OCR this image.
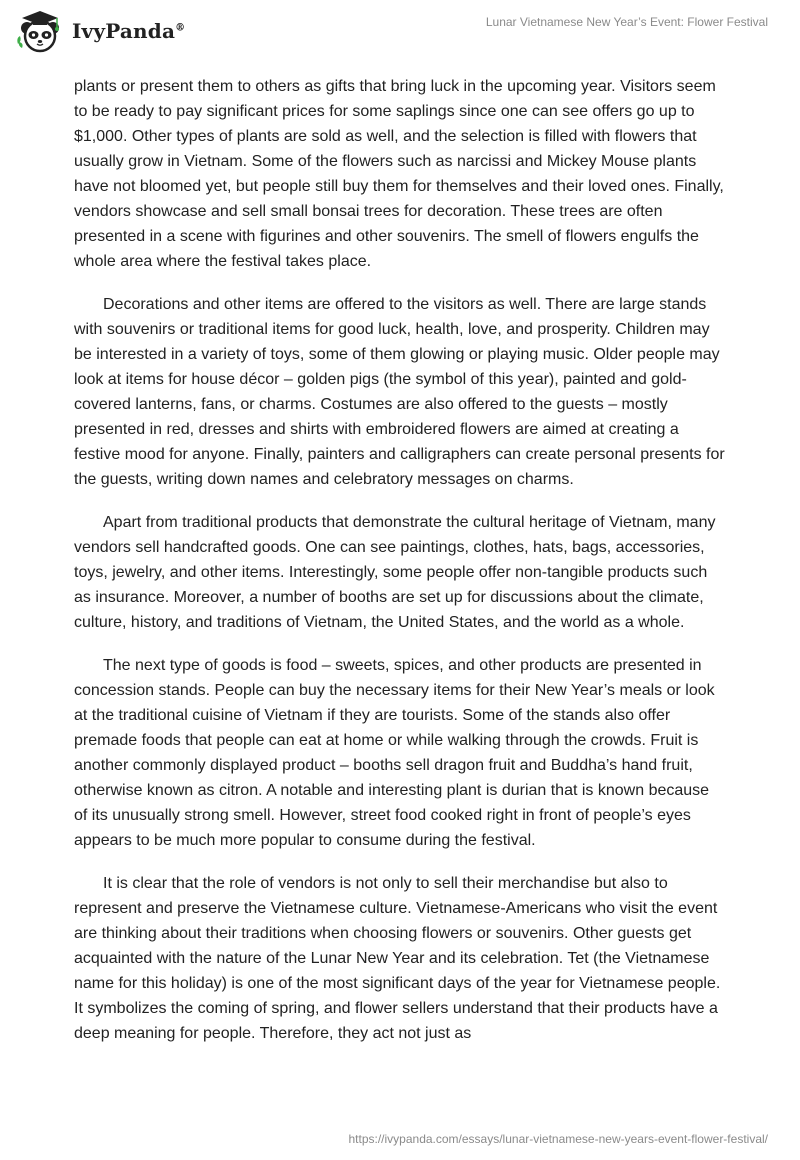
IvyPanda®	Lunar Vietnamese New Year’s Event: Flower Festival

plants or present them to others as gifts that bring luck in the upcoming year. Visitors seem to be ready to pay significant prices for some saplings since one can see offers go up to $1,000. Other types of plants are sold as well, and the selection is filled with flowers that usually grow in Vietnam. Some of the flowers such as narcissi and Mickey Mouse plants have not bloomed yet, but people still buy them for themselves and their loved ones. Finally, vendors showcase and sell small bonsai trees for decoration. These trees are often presented in a scene with figurines and other souvenirs. The smell of flowers engulfs the whole area where the festival takes place.

Decorations and other items are offered to the visitors as well. There are large stands with souvenirs or traditional items for good luck, health, love, and prosperity. Children may be interested in a variety of toys, some of them glowing or playing music. Older people may look at items for house décor – golden pigs (the symbol of this year), painted and gold-covered lanterns, fans, or charms. Costumes are also offered to the guests – mostly presented in red, dresses and shirts with embroidered flowers are aimed at creating a festive mood for anyone. Finally, painters and calligraphers can create personal presents for the guests, writing down names and celebratory messages on charms.

Apart from traditional products that demonstrate the cultural heritage of Vietnam, many vendors sell handcrafted goods. One can see paintings, clothes, hats, bags, accessories, toys, jewelry, and other items. Interestingly, some people offer non-tangible products such as insurance. Moreover, a number of booths are set up for discussions about the climate, culture, history, and traditions of Vietnam, the United States, and the world as a whole.

The next type of goods is food – sweets, spices, and other products are presented in concession stands. People can buy the necessary items for their New Year’s meals or look at the traditional cuisine of Vietnam if they are tourists. Some of the stands also offer premade foods that people can eat at home or while walking through the crowds. Fruit is another commonly displayed product – booths sell dragon fruit and Buddha’s hand fruit, otherwise known as citron. A notable and interesting plant is durian that is known because of its unusually strong smell. However, street food cooked right in front of people’s eyes appears to be much more popular to consume during the festival.

It is clear that the role of vendors is not only to sell their merchandise but also to represent and preserve the Vietnamese culture. Vietnamese-Americans who visit the event are thinking about their traditions when choosing flowers or souvenirs. Other guests get acquainted with the nature of the Lunar New Year and its celebration. Tet (the Vietnamese name for this holiday) is one of the most significant days of the year for Vietnamese people. It symbolizes the coming of spring, and flower sellers understand that their products have a deep meaning for people. Therefore, they act not just as

https://ivypanda.com/essays/lunar-vietnamese-new-years-event-flower-festival/
